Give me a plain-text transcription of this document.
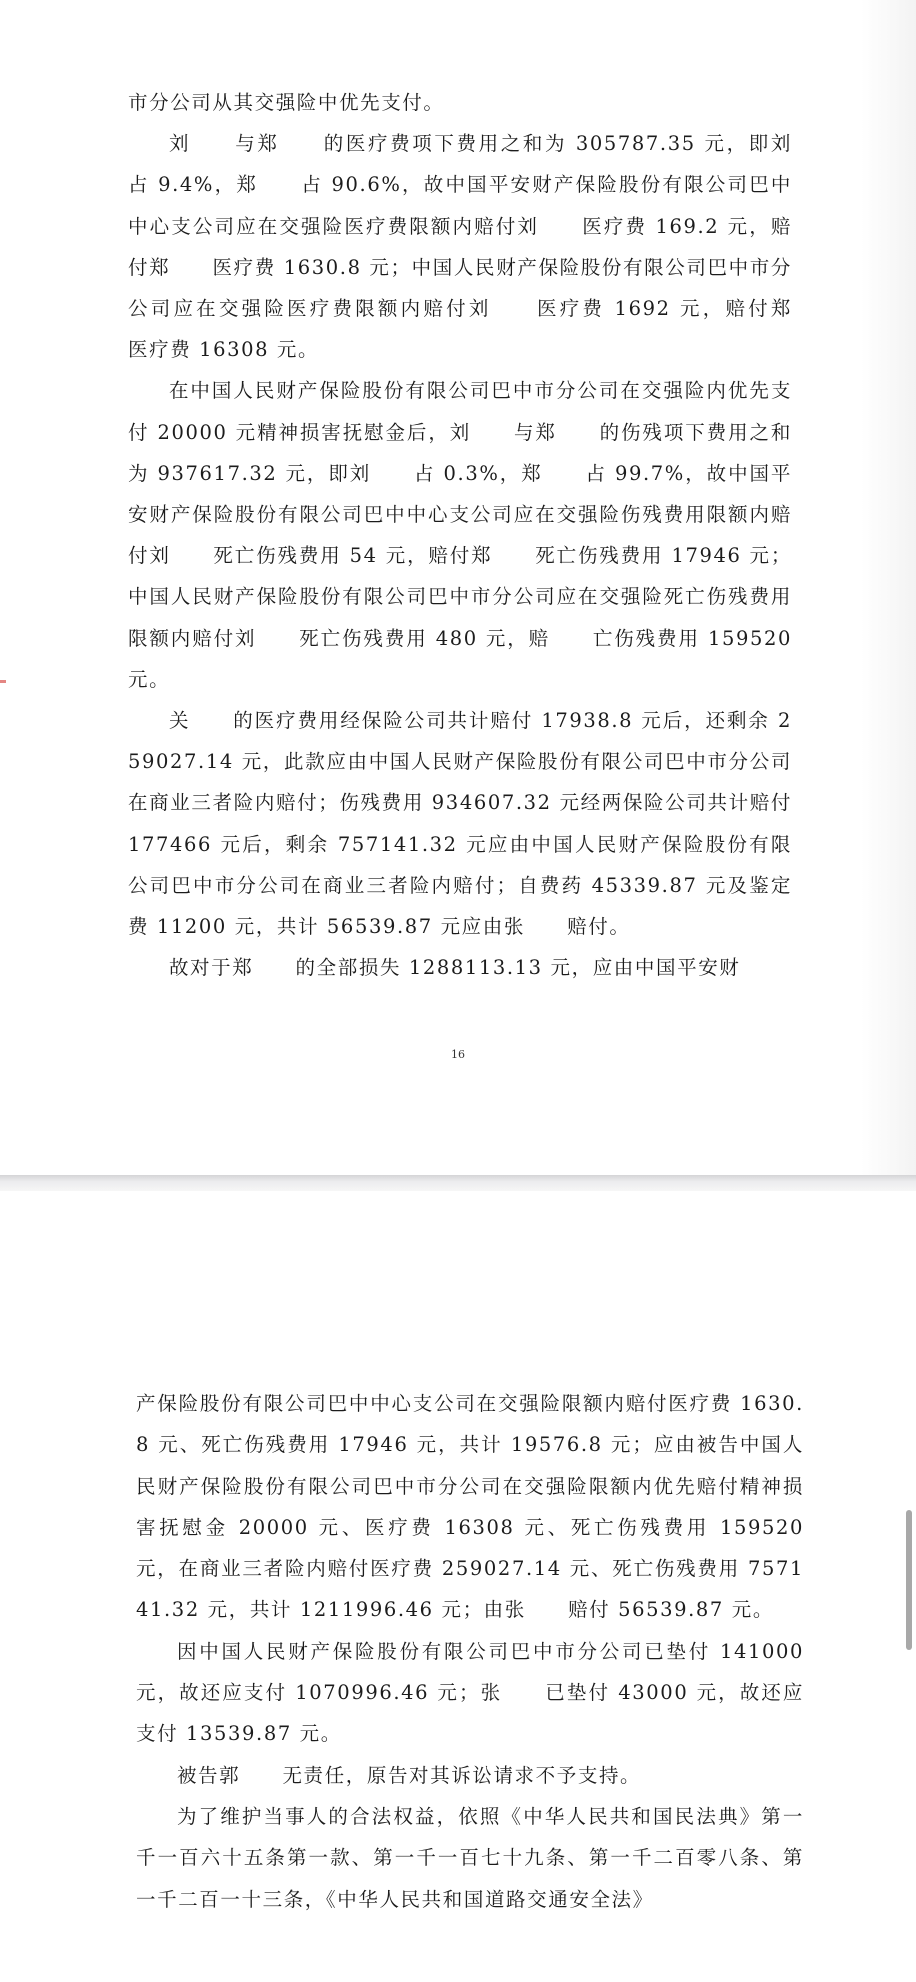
市分公司从其交强险中优先支付。

刘　　与郑　　的医疗费项下费用之和为 305787.35 元，即刘　　占 9.4%，郑　　占 90.6%，故中国平安财产保险股份有限公司巴中中心支公司应在交强险医疗费限额内赔付刘　　医疗费 169.2 元，赔付郑　　医疗费 1630.8 元；中国人民财产保险股份有限公司巴中市分公司应在交强险医疗费限额内赔付刘　　医疗费 1692 元，赔付郑　　医疗费 16308 元。

在中国人民财产保险股份有限公司巴中市分公司在交强险内优先支付 20000 元精神损害抚慰金后，刘　　与郑　　的伤残项下费用之和为 937617.32 元，即刘　　占 0.3%，郑　　占 99.7%，故中国平安财产保险股份有限公司巴中中心支公司应在交强险伤残费用限额内赔付刘　　死亡伤残费用 54 元，赔付郑　　死亡伤残费用 17946 元；中国人民财产保险股份有限公司巴中市分公司应在交强险死亡伤残费用限额内赔付刘　　死亡伤残费用 480 元，赔　　亡伤残费用 159520 元。

关　　的医疗费用经保险公司共计赔付 17938.8 元后，还剩余 259027.14 元，此款应由中国人民财产保险股份有限公司巴中市分公司在商业三者险内赔付；伤残费用 934607.32 元经两保险公司共计赔付 177466 元后，剩余 757141.32 元应由中国人民财产保险股份有限公司巴中市分公司在商业三者险内赔付；自费药 45339.87 元及鉴定费 11200 元，共计 56539.87 元应由张　　赔付。

故对于郑　　的全部损失 1288113.13 元，应由中国平安财

16

产保险股份有限公司巴中中心支公司在交强险限额内赔付医疗费 1630.8 元、死亡伤残费用 17946 元，共计 19576.8 元；应由被告中国人民财产保险股份有限公司巴中市分公司在交强险限额内优先赔付精神损害抚慰金 20000 元、医疗费 16308 元、死亡伤残费用 159520 元，在商业三者险内赔付医疗费 259027.14 元、死亡伤残费用 757141.32 元，共计 1211996.46 元；由张　　赔付 56539.87 元。

因中国人民财产保险股份有限公司巴中市分公司已垫付 141000 元，故还应支付 1070996.46 元；张　　已垫付 43000 元，故还应支付 13539.87 元。

被告郭　　无责任，原告对其诉讼请求不予支持。

为了维护当事人的合法权益，依照《中华人民共和国民法典》第一千一百六十五条第一款、第一千一百七十九条、第一千二百零八条、第一千二百一十三条，《中华人民共和国道路交通安全法》
